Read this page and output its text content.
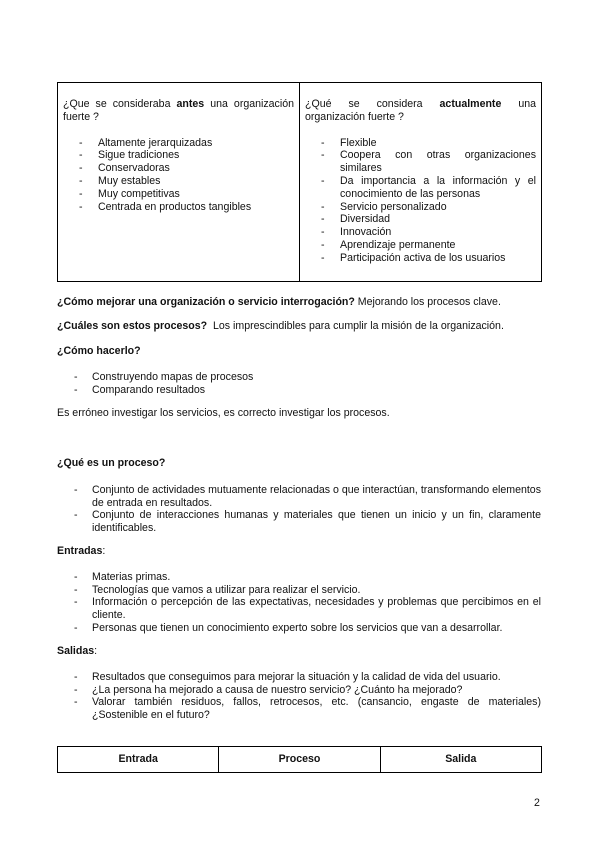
¿Que se consideraba antes una organización fuerte ?
- Altamente jerarquizadas
- Sigue tradiciones
- Conservadoras
- Muy estables
- Muy competitivas
- Centrada en productos tangibles
¿Qué se considera actualmente una organización fuerte ?
- Flexible
- Coopera con otras organizaciones similares
- Da importancia a la información y el conocimiento de las personas
- Servicio personalizado
- Diversidad
- Innovación
- Aprendizaje permanente
- Participación activa de los usuarios
¿Cómo mejorar una organización o servicio interrogación? Mejorando los procesos clave.
¿Cuáles son estos procesos?  Los imprescindibles para cumplir la misión de la organización.
¿Cómo hacerlo?
- Construyendo mapas de procesos
- Comparando resultados
Es erróneo investigar los servicios, es correcto investigar los procesos.
¿Qué es un proceso?
- Conjunto de actividades mutuamente relacionadas o que interactúan, transformando elementos de entrada en resultados.
- Conjunto de interacciones humanas y materiales que tienen un inicio y un fin, claramente identificables.
Entradas:
- Materias primas.
- Tecnologías que vamos a utilizar para realizar el servicio.
- Información o percepción de las expectativas, necesidades y problemas que percibimos en el cliente.
- Personas que tienen un conocimiento experto sobre los servicios que van a desarrollar.
Salidas:
- Resultados que conseguimos para mejorar la situación y la calidad de vida del usuario.
- ¿La persona ha mejorado a causa de nuestro servicio? ¿Cuánto ha mejorado?
- Valorar también residuos, fallos, retrocesos, etc. (cansancio, engaste de materiales) ¿Sostenible en el futuro?
Entrada	Proceso	Salida
2
